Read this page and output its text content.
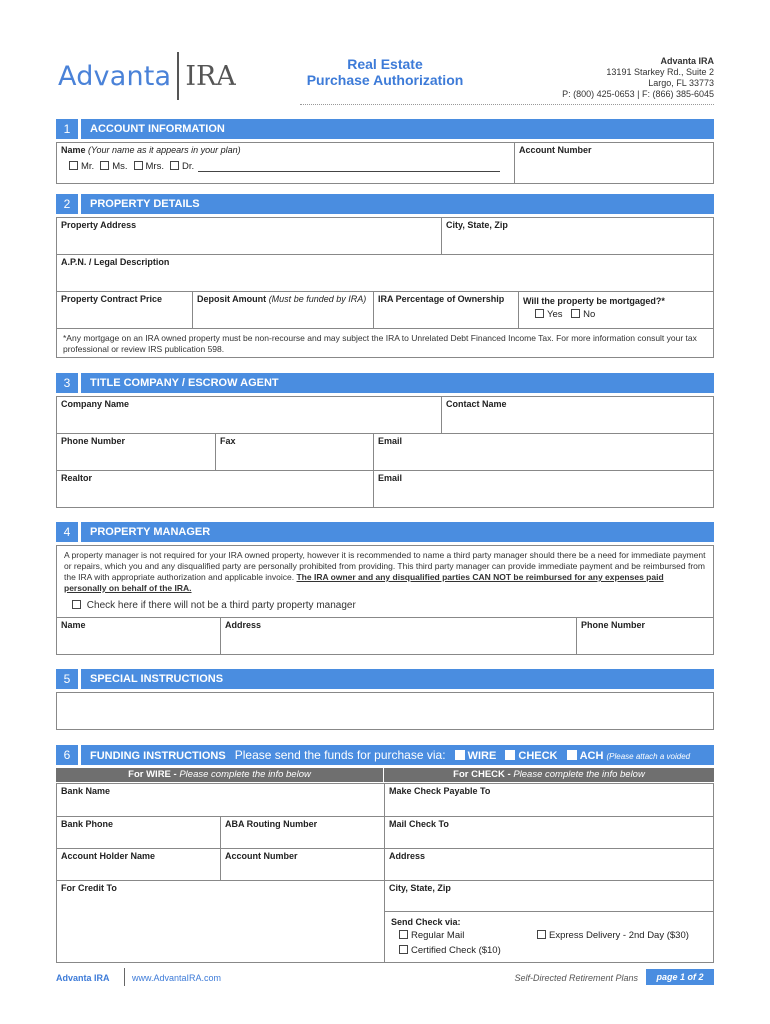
Advanta IRA	Real Estate
Purchase Authorization
Advanta IRA
13191 Starkey Rd., Suite 2
Largo, FL 33773
P: (800) 425-0653 | F: (866) 385-6045
1	ACCOUNT INFORMATION
Name (Your name as it appears in your plan)
Mr.	Ms.	Mrs.	Dr.
Account Number
2	PROPERTY DETAILS
Property Address	City, State, Zip
A.P.N. / Legal Description
Property Contract Price	Deposit Amount (Must be funded by IRA)	IRA Percentage of Ownership	Will the property be mortgaged?*
Yes No
*Any mortgage on an IRA owned property must be non-recourse and may subject the IRA to Unrelated Debt Financed Income Tax. For more information consult your tax professional or review IRS publication 598.
3	TITLE COMPANY / ESCROW AGENT
Company Name	Contact Name
Phone Number	Fax	Email
Realtor	Email
4	PROPERTY MANAGER
A property manager is not required for your IRA owned property, however it is recommended to name a third party manager should there be a need for immediate payment or repairs, which you and any disqualified party are personally prohibited from providing. This third party manager can provide immediate payment and be reimbursed from the IRA with appropriate authorization and applicable invoice. The IRA owner and any disqualified parties CAN NOT be reimbursed for any expenses paid personally on behalf of the IRA.
Check here if there will not be a third party property manager
Name	Address	Phone Number
5	SPECIAL INSTRUCTIONS
6	FUNDING INSTRUCTIONS Please send the funds for purchase via: WIRE CHECK ACH (Please attach a voided
For WIRE - Please complete the info below	For CHECK - Please complete the info below
Bank Name	Make Check Payable To
Bank Phone	ABA Routing Number	Mail Check To
Account Holder Name	Account Number	Address
For Credit To	City, State, Zip
Send Check via:
Regular Mail	Express Delivery - 2nd Day ($30)
Certified Check ($10)
Advanta IRA www.AdvantaIRA.com	Self-Directed Retirement Plans	page 1 of 2
